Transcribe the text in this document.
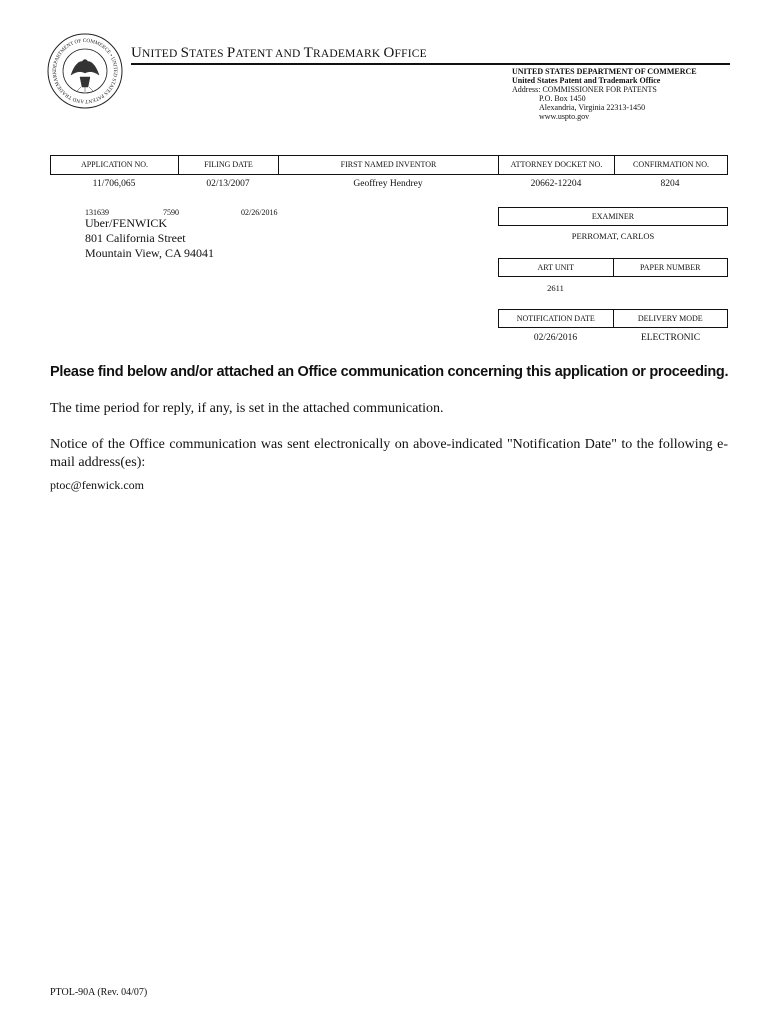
DEPARTMENT OF COMMERCE • UNITED STATES PATENT AND TRADEMARK
UNITED STATES PATENT AND TRADEMARK OFFICE
UNITED STATES DEPARTMENT OF COMMERCE
United States Patent and Trademark Office
Address: COMMISSIONER FOR PATENTS
P.O. Box 1450
Alexandria, Virginia 22313-1450
www.uspto.gov
APPLICATION NO.	FILING DATE	FIRST NAMED INVENTOR	ATTORNEY DOCKET NO.	CONFIRMATION NO.
11/706,065	02/13/2007	Geoffrey Hendrey	20662-12204	8204
131639	7590	02/26/2016
Uber/FENWICK
801 California Street
Mountain View, CA 94041
EXAMINER
PERROMAT, CARLOS
ART UNIT	PAPER NUMBER
2611
NOTIFICATION DATE	DELIVERY MODE
02/26/2016	ELECTRONIC
Please find below and/or attached an Office communication concerning this application or proceeding.
The time period for reply, if any, is set in the attached communication.
Notice of the Office communication was sent electronically on above-indicated "Notification Date" to the following e-mail address(es):
ptoc@fenwick.com
PTOL-90A (Rev. 04/07)
